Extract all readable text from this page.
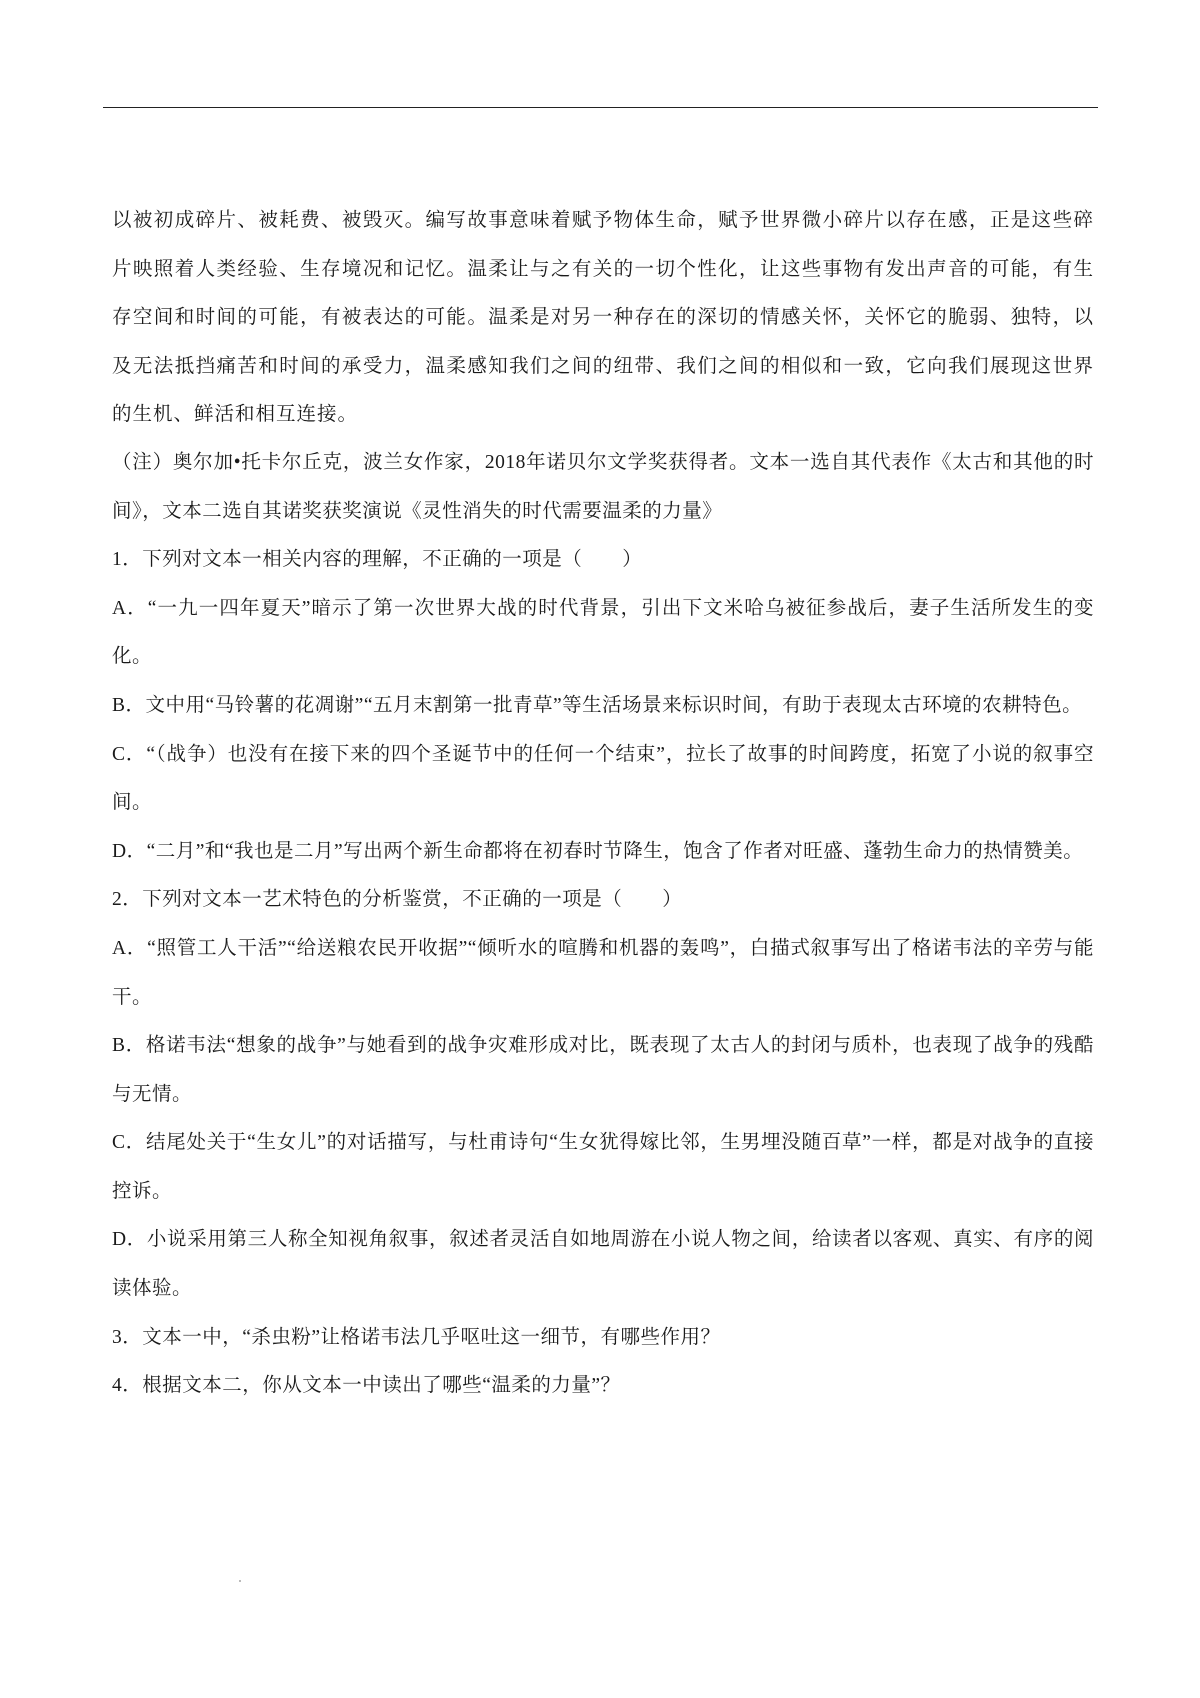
以被初成碎片、被耗费、被毁灭。编写故事意味着赋予物体生命，赋予世界微小碎片以存在感，正是这些碎片映照着人类经验、生存境况和记忆。温柔让与之有关的一切个性化，让这些事物有发出声音的可能，有生存空间和时间的可能，有被表达的可能。温柔是对另一种存在的深切的情感关怀，关怀它的脆弱、独特，以及无法抵挡痛苦和时间的承受力，温柔感知我们之间的纽带、我们之间的相似和一致，它向我们展现这世界的生机、鲜活和相互连接。

（注）奥尔加•托卡尔丘克，波兰女作家，2018年诺贝尔文学奖获得者。文本一选自其代表作《太古和其他的时间》，文本二选自其诺奖获奖演说《灵性消失的时代需要温柔的力量》

1．下列对文本一相关内容的理解，不正确的一项是（　　）

A．“一九一四年夏天”暗示了第一次世界大战的时代背景，引出下文米哈乌被征参战后，妻子生活所发生的变化。

B．文中用“马铃薯的花凋谢”“五月末割第一批青草”等生活场景来标识时间，有助于表现太古环境的农耕特色。

C．“（战争）也没有在接下来的四个圣诞节中的任何一个结束”，拉长了故事的时间跨度，拓宽了小说的叙事空间。

D．“二月”和“我也是二月”写出两个新生命都将在初春时节降生，饱含了作者对旺盛、蓬勃生命力的热情赞美。

2．下列对文本一艺术特色的分析鉴赏，不正确的一项是（　　）

A．“照管工人干活”“给送粮农民开收据”“倾听水的喧腾和机器的轰鸣”，白描式叙事写出了格诺韦法的辛劳与能干。

B．格诺韦法“想象的战争”与她看到的战争灾难形成对比，既表现了太古人的封闭与质朴，也表现了战争的残酷与无情。

C．结尾处关于“生女儿”的对话描写，与杜甫诗句“生女犹得嫁比邻，生男埋没随百草”一样，都是对战争的直接控诉。

D．小说采用第三人称全知视角叙事，叙述者灵活自如地周游在小说人物之间，给读者以客观、真实、有序的阅读体验。

3．文本一中，“杀虫粉”让格诺韦法几乎呕吐这一细节，有哪些作用？

4．根据文本二，你从文本一中读出了哪些“温柔的力量”？
